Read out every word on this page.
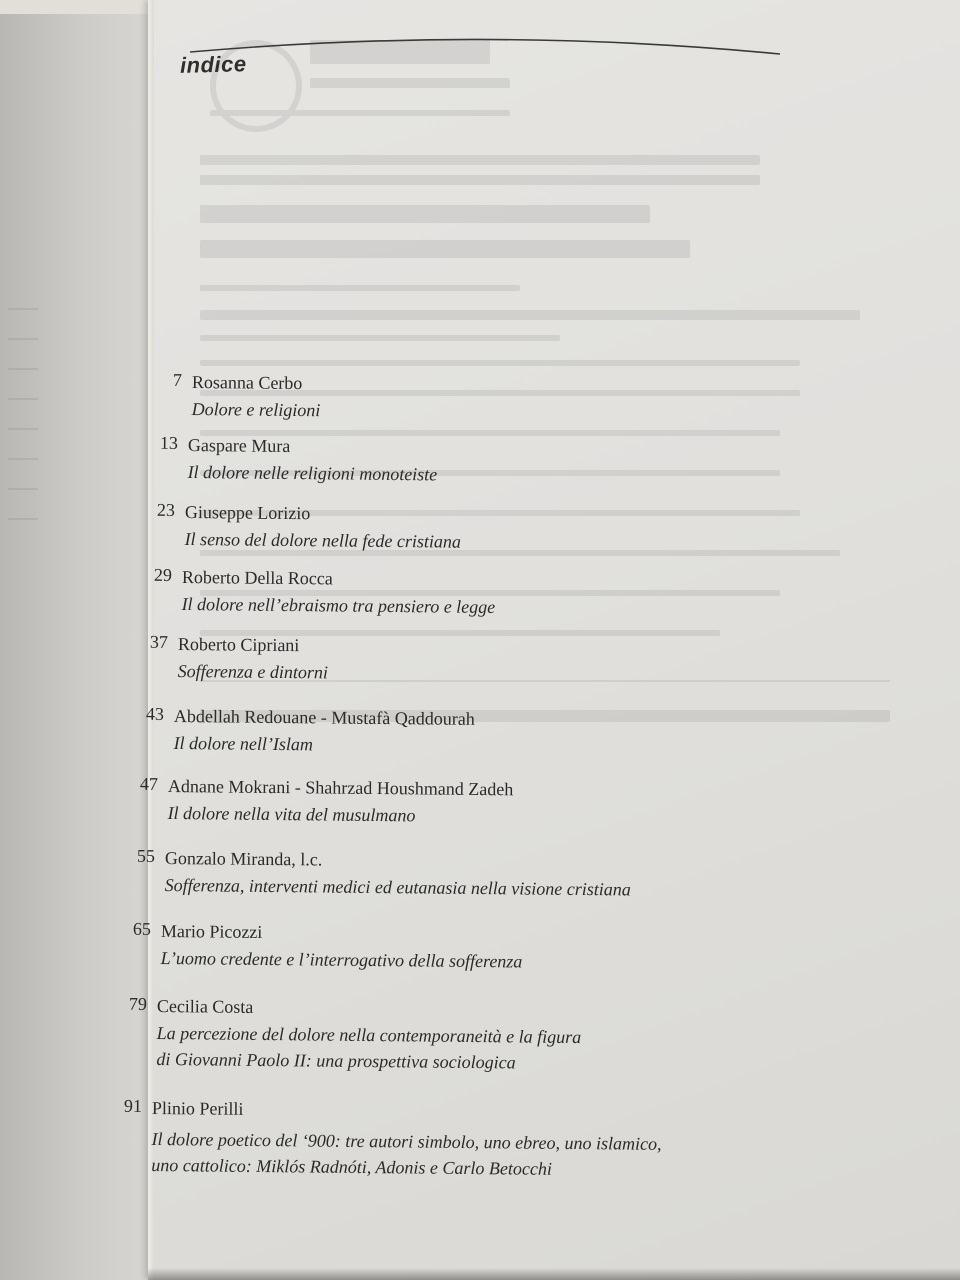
indice
7 Rosanna Cerbo
Dolore e religioni
13 Gaspare Mura
Il dolore nelle religioni monoteiste
23 Giuseppe Lorizio
Il senso del dolore nella fede cristiana
29 Roberto Della Rocca
Il dolore nell’ebraismo tra pensiero e legge
37 Roberto Cipriani
Sofferenza e dintorni
43 Abdellah Redouane - Mustafà Qaddourah
Il dolore nell’Islam
47 Adnane Mokrani - Shahrzad Houshmand Zadeh
Il dolore nella vita del musulmano
55 Gonzalo Miranda, l.c.
Sofferenza, interventi medici ed eutanasia nella visione cristiana
65 Mario Picozzi
L’uomo credente e l’interrogativo della sofferenza
79 Cecilia Costa
La percezione del dolore nella contemporaneità e la figura
di Giovanni Paolo II: una prospettiva sociologica
91 Plinio Perilli
Il dolore poetico del ‘900: tre autori simbolo, uno ebreo, uno islamico,
uno cattolico: Miklós Radnóti, Adonis e Carlo Betocchi
